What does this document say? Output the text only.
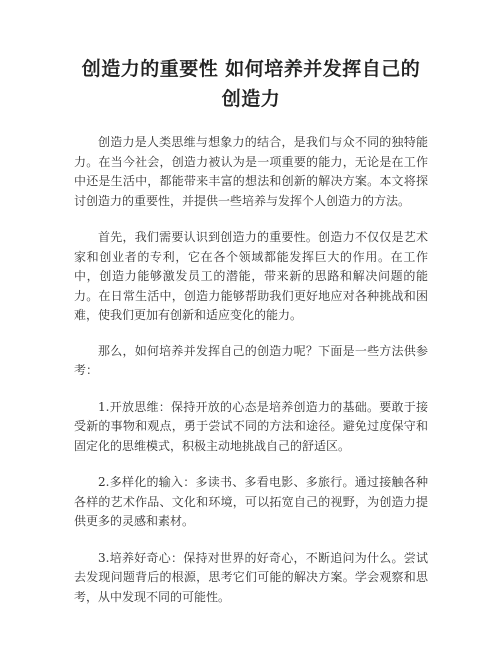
创造力的重要性 如何培养并发挥自己的创造力

创造力是人类思维与想象力的结合，是我们与众不同的独特能力。在当今社会，创造力被认为是一项重要的能力，无论是在工作中还是生活中，都能带来丰富的想法和创新的解决方案。本文将探讨创造力的重要性，并提供一些培养与发挥个人创造力的方法。

首先，我们需要认识到创造力的重要性。创造力不仅仅是艺术家和创业者的专利，它在各个领域都能发挥巨大的作用。在工作中，创造力能够激发员工的潜能，带来新的思路和解决问题的能力。在日常生活中，创造力能够帮助我们更好地应对各种挑战和困难，使我们更加有创新和适应变化的能力。

那么，如何培养并发挥自己的创造力呢？下面是一些方法供参考：

1.开放思维：保持开放的心态是培养创造力的基础。要敢于接受新的事物和观点，勇于尝试不同的方法和途径。避免过度保守和固定化的思维模式，积极主动地挑战自己的舒适区。

2.多样化的输入：多读书、多看电影、多旅行。通过接触各种各样的艺术作品、文化和环境，可以拓宽自己的视野，为创造力提供更多的灵感和素材。

3.培养好奇心：保持对世界的好奇心，不断追问为什么。尝试去发现问题背后的根源，思考它们可能的解决方案。学会观察和思考，从中发现不同的可能性。
